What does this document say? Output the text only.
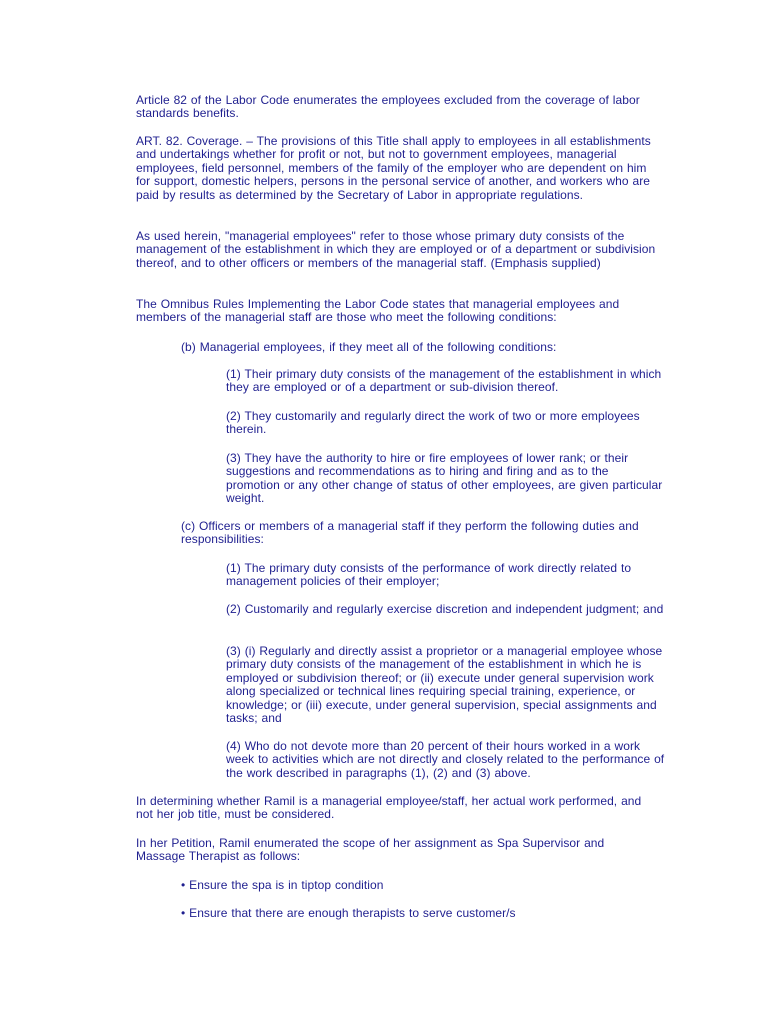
Article 82 of the Labor Code enumerates the employees excluded from the coverage of labor standards benefits.

ART. 82. Coverage. – The provisions of this Title shall apply to employees in all establishments and undertakings whether for profit or not, but not to government employees, managerial employees, field personnel, members of the family of the employer who are dependent on him for support, domestic helpers, persons in the personal service of another, and workers who are paid by results as determined by the Secretary of Labor in appropriate regulations.

As used herein, "managerial employees" refer to those whose primary duty consists of the management of the establishment in which they are employed or of a department or subdivision thereof, and to other officers or members of the managerial staff. (Emphasis supplied)

The Omnibus Rules Implementing the Labor Code states that managerial employees and members of the managerial staff are those who meet the following conditions:

(b) Managerial employees, if they meet all of the following conditions:

(1) Their primary duty consists of the management of the establishment in which they are employed or of a department or sub-division thereof.

(2) They customarily and regularly direct the work of two or more employees therein.

(3) They have the authority to hire or fire employees of lower rank; or their suggestions and recommendations as to hiring and firing and as to the promotion or any other change of status of other employees, are given particular weight.

(c) Officers or members of a managerial staff if they perform the following duties and responsibilities:

(1) The primary duty consists of the performance of work directly related to management policies of their employer;

(2) Customarily and regularly exercise discretion and independent judgment; and

(3) (i) Regularly and directly assist a proprietor or a managerial employee whose primary duty consists of the management of the establishment in which he is employed or subdivision thereof; or (ii) execute under general supervision work along specialized or technical lines requiring special training, experience, or knowledge; or (iii) execute, under general supervision, special assignments and tasks; and

(4) Who do not devote more than 20 percent of their hours worked in a work week to activities which are not directly and closely related to the performance of the work described in paragraphs (1), (2) and (3) above.

In determining whether Ramil is a managerial employee/staff, her actual work performed, and not her job title, must be considered.

In her Petition, Ramil enumerated the scope of her assignment as Spa Supervisor and Massage Therapist as follows:

• Ensure the spa is in tiptop condition

• Ensure that there are enough therapists to serve customer/s
